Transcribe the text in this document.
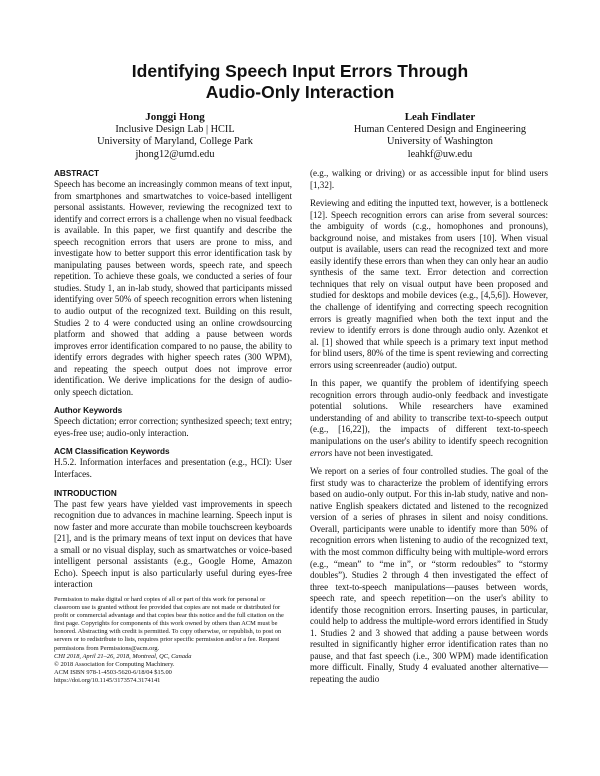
Identifying Speech Input Errors Through
Audio-Only Interaction
Jonggi Hong
Inclusive Design Lab | HCIL
University of Maryland, College Park
jhong12@umd.edu
Leah Findlater
Human Centered Design and Engineering
University of Washington
leahkf@uw.edu
ABSTRACT

Speech has become an increasingly common means of text input, from smartphones and smartwatches to voice-based intelligent personal assistants. However, reviewing the recognized text to identify and correct errors is a challenge when no visual feedback is available. In this paper, we first quantify and describe the speech recognition errors that users are prone to miss, and investigate how to better support this error identification task by manipulating pauses between words, speech rate, and speech repetition. To achieve these goals, we conducted a series of four studies. Study 1, an in-lab study, showed that participants missed identifying over 50% of speech recognition errors when listening to audio output of the recognized text. Building on this result, Studies 2 to 4 were conducted using an online crowdsourcing platform and showed that adding a pause between words improves error identification compared to no pause, the ability to identify errors degrades with higher speech rates (300 WPM), and repeating the speech output does not improve error identification. We derive implications for the design of audio-only speech dictation.

Author Keywords

Speech dictation; error correction; synthesized speech; text entry; eyes-free use; audio-only interaction.

ACM Classification Keywords

H.5.2. Information interfaces and presentation (e.g., HCI): User Interfaces.

INTRODUCTION

The past few years have yielded vast improvements in speech recognition due to advances in machine learning. Speech input is now faster and more accurate than mobile touchscreen keyboards [21], and is the primary means of text input on devices that have a small or no visual display, such as smartwatches or voice-based intelligent personal assistants (e.g., Google Home, Amazon Echo). Speech input is also particularly useful during eyes-free interaction

Permission to make digital or hard copies of all or part of this work for personal or classroom use is granted without fee provided that copies are not made or distributed for profit or commercial advantage and that copies bear this notice and the full citation on the first page. Copyrights for components of this work owned by others than ACM must be honored. Abstracting with credit is permitted. To copy otherwise, or republish, to post on servers or to redistribute to lists, requires prior specific permission and/or a fee. Request permissions from Permissions@acm.org.
CHI 2018, April 21–26, 2018, Montreal, QC, Canada
© 2018 Association for Computing Machinery.
ACM ISBN 978-1-4503-5620-6/18/04 $15.00
https://doi.org/10.1145/3173574.3174141

(e.g., walking or driving) or as accessible input for blind users [1,32].

Reviewing and editing the inputted text, however, is a bottleneck [12]. Speech recognition errors can arise from several sources: the ambiguity of words (c.g., homophones and pronouns), background noise, and mistakes from users [10]. When visual output is available, users can read the recognized text and more easily identify these errors than when they can only hear an audio synthesis of the same text. Error detection and correction techniques that rely on visual output have been proposed and studied for desktops and mobile devices (e.g., [4,5,6]). However, the challenge of identifying and correcting speech recognition errors is greatly magnified when both the text input and the review to identify errors is done through audio only. Azenkot et al. [1] showed that while speech is a primary text input method for blind users, 80% of the time is spent reviewing and correcting errors using screenreader (audio) output.

In this paper, we quantify the problem of identifying speech recognition errors through audio-only feedback and investigate potential solutions. While researchers have examined understanding of and ability to transcribe text-to-speech output (e.g., [16,22]), the impacts of different text-to-speech manipulations on the user's ability to identify speech recognition errors have not been investigated.

We report on a series of four controlled studies. The goal of the first study was to characterize the problem of identifying errors based on audio-only output. For this in-lab study, native and non-native English speakers dictated and listened to the recognized version of a series of phrases in silent and noisy conditions. Overall, participants were unable to identify more than 50% of recognition errors when listening to audio of the recognized text, with the most common difficulty being with multiple-word errors (e.g., “mean” to “me in”, or “storm redoubles” to “stormy doubles”). Studies 2 through 4 then investigated the effect of three text-to-speech manipulations—pauses between words, speech rate, and speech repetition—on the user's ability to identify those recognition errors. Inserting pauses, in particular, could help to address the multiple-word errors identified in Study 1. Studies 2 and 3 showed that adding a pause between words resulted in significantly higher error identification rates than no pause, and that fast speech (i.e., 300 WPM) made identification more difficult. Finally, Study 4 evaluated another alternative—repeating the audio
